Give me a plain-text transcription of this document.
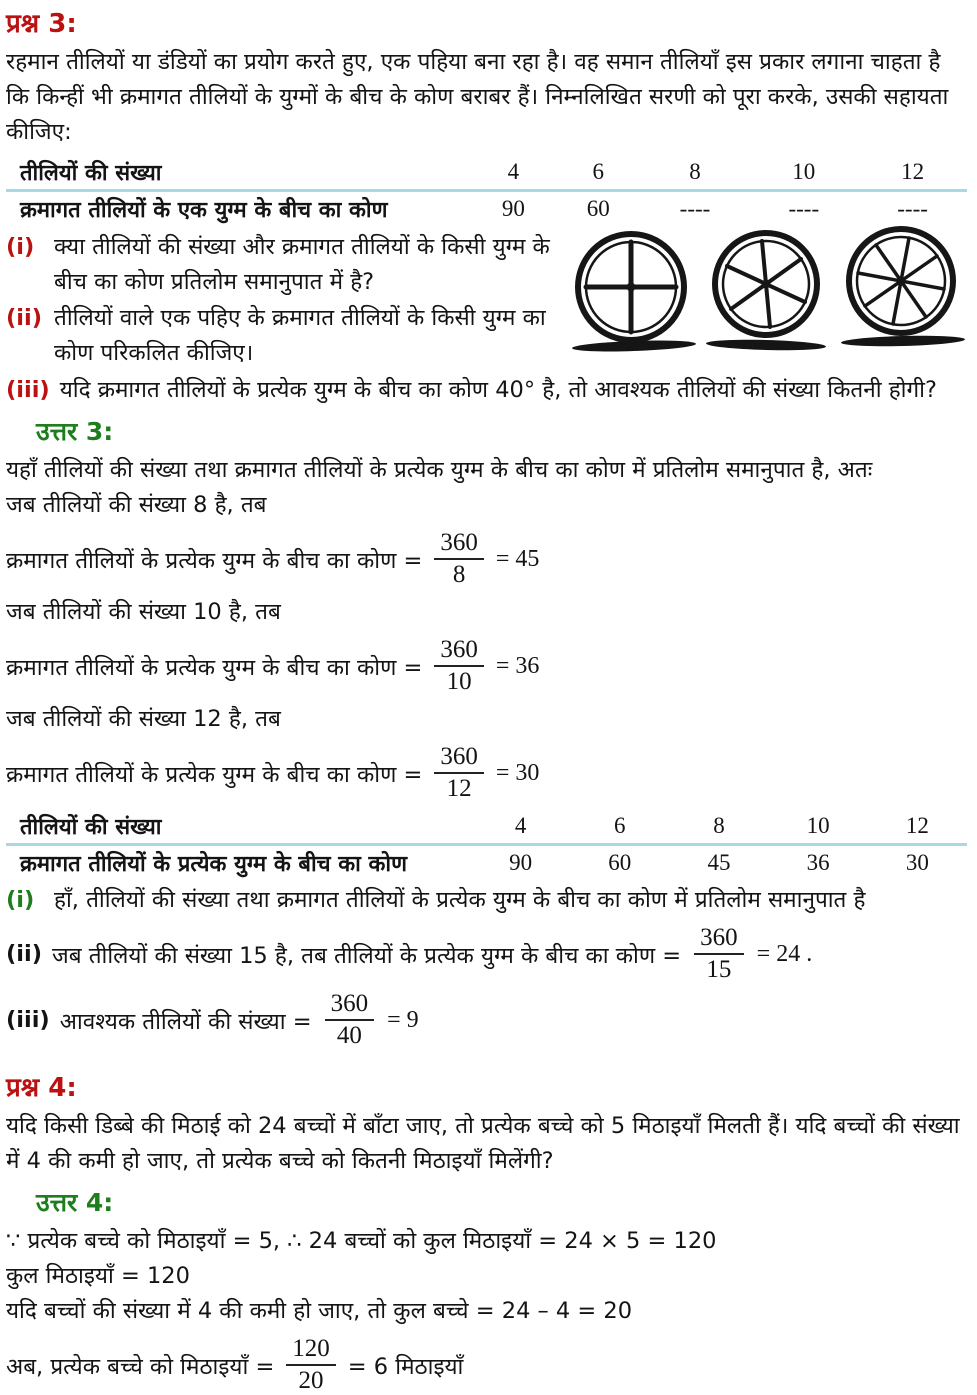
प्रश्न 3:
रहमान तीलियों या डंडियों का प्रयोग करते हुए, एक पहिया बना रहा है। वह समान तीलियाँ इस प्रकार लगाना चाहता है कि किन्हीं भी क्रमागत तीलियों के युग्मों के बीच के कोण बराबर हैं। निम्नलिखित सरणी को पूरा करके, उसकी सहायता कीजिए:
तीलियों की संख्या	4	6	8	10	12
क्रमागत तीलियों के एक युग्म के बीच का कोण	90	60	----	----	----
(i) क्या तीलियों की संख्या और क्रमागत तीलियों के किसी युग्म के बीच का कोण प्रतिलोम समानुपात में है?
(ii) तीलियों वाले एक पहिए के क्रमागत तीलियों के किसी युग्म का कोण परिकलित कीजिए।
(iii) यदि क्रमागत तीलियों के प्रत्येक युग्म के बीच का कोण 40° है, तो आवश्यक तीलियों की संख्या कितनी होगी?
उत्तर 3:
यहाँ तीलियों की संख्या तथा क्रमागत तीलियों के प्रत्येक युग्म के बीच का कोण में प्रतिलोम समानुपात है, अतः
जब तीलियों की संख्या 8 है, तब
क्रमागत तीलियों के प्रत्येक युग्म के बीच का कोण = $\frac{360}{8} = 45$
जब तीलियों की संख्या 10 है, तब
क्रमागत तीलियों के प्रत्येक युग्म के बीच का कोण = $\frac{360}{10} = 36$
जब तीलियों की संख्या 12 है, तब
क्रमागत तीलियों के प्रत्येक युग्म के बीच का कोण = $\frac{360}{12} = 30$
तीलियों की संख्या	4	6	8	10	12
क्रमागत तीलियों के प्रत्येक युग्म के बीच का कोण	90	60	45	36	30
(i) हाँ, तीलियों की संख्या तथा क्रमागत तीलियों के प्रत्येक युग्म के बीच का कोण में प्रतिलोम समानुपात है
(ii) जब तीलियों की संख्या 15 है, तब तीलियों के प्रत्येक युग्म के बीच का कोण = $\frac{360}{15} = 24$ .
(iii) आवश्यक तीलियों की संख्या = $\frac{360}{40} = 9$
प्रश्न 4:
यदि किसी डिब्बे की मिठाई को 24 बच्चों में बाँटा जाए, तो प्रत्येक बच्चे को 5 मिठाइयाँ मिलती हैं। यदि बच्चों की संख्या में 4 की कमी हो जाए, तो प्रत्येक बच्चे को कितनी मिठाइयाँ मिलेंगी?
उत्तर 4:
∵ प्रत्येक बच्चे को मिठाइयाँ = 5, ∴ 24 बच्चों को कुल मिठाइयाँ = 24 × 5 = 120
कुल मिठाइयाँ = 120
यदि बच्चों की संख्या में 4 की कमी हो जाए, तो कुल बच्चे = 24 – 4 = 20
अब, प्रत्येक बच्चे को मिठाइयाँ = $\frac{120}{20} = 6$ मिठाइयाँ
